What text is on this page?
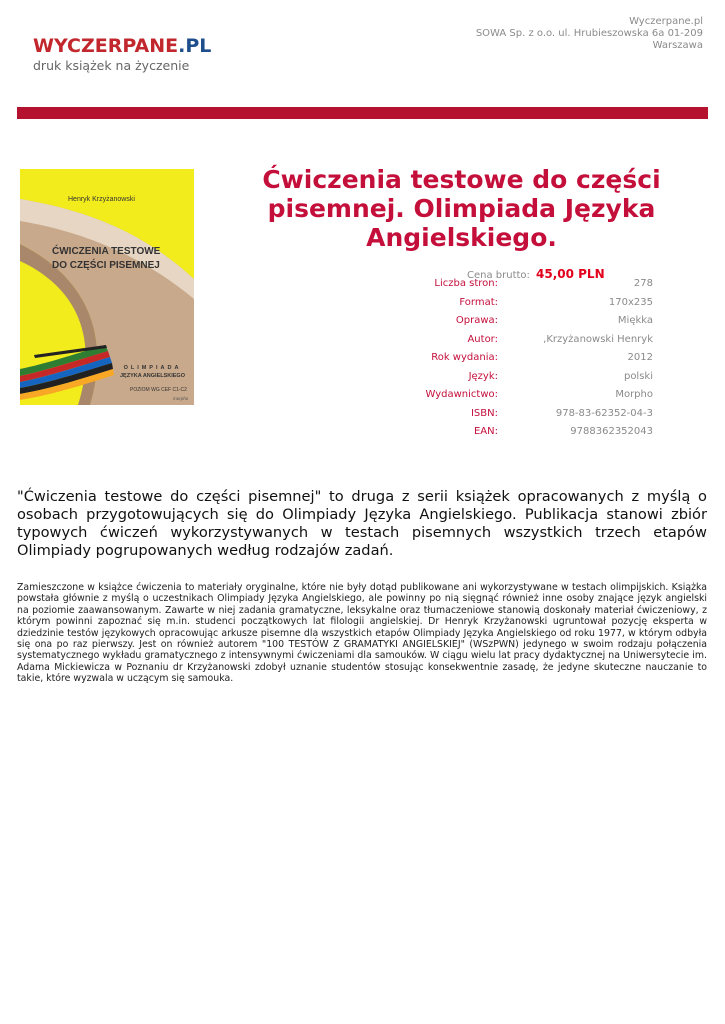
WYCZERPANE.PL
druk książek na życzenie
Wyczerpane.pl
SOWA Sp. z o.o. ul. Hrubieszowska 6a 01-209
Warszawa
Henryk Krzyżanowski
ĆWICZENIA TESTOWE
DO CZĘŚCI PISEMNEJ
OLIMPIADA
JĘZYKA ANGIELSKIEGO
POZIOM WG CEF C1-C2
morpho
Ćwiczenia testowe do części pisemnej. Olimpiada Języka Angielskiego.
Cena brutto: 45,00 PLN
Liczba stron:	278
Format:	170x235
Oprawa:	Miękka
Autor:	,Krzyżanowski Henryk
Rok wydania:	2012
Język:	polski
Wydawnictwo:	Morpho
ISBN:	978-83-62352-04-3
EAN:	9788362352043
"Ćwiczenia testowe do części pisemnej" to druga z serii książek opracowanych z myślą o osobach przygotowujących się do Olimpiady Języka Angielskiego. Publikacja stanowi zbiór typowych ćwiczeń wykorzystywanych w testach pisemnych wszystkich trzech etapów Olimpiady pogrupowanych według rodzajów zadań.
Zamieszczone w książce ćwiczenia to materiały oryginalne, które nie były dotąd publikowane ani wykorzystywane w testach olimpijskich. Książka powstała głównie z myślą o uczestnikach Olimpiady Języka Angielskiego, ale powinny po nią sięgnąć również inne osoby znające język angielski na poziomie zaawansowanym. Zawarte w niej zadania gramatyczne, leksykalne oraz tłumaczeniowe stanowią doskonały materiał ćwiczeniowy, z którym powinni zapoznać się m.in. studenci początkowych lat filologii angielskiej. Dr Henryk Krzyżanowski ugruntował pozycję eksperta w dziedzinie testów językowych opracowując arkusze pisemne dla wszystkich etapów Olimpiady Języka Angielskiego od roku 1977, w którym odbyła się ona po raz pierwszy. Jest on również autorem "100 TESTÓW Z GRAMATYKI ANGIELSKIEJ" (WSzPWN) jedynego w swoim rodzaju połączenia systematycznego wykładu gramatycznego z intensywnymi ćwiczeniami dla samouków. W ciągu wielu lat pracy dydaktycznej na Uniwersytecie im. Adama Mickiewicza w Poznaniu dr Krzyżanowski zdobył uznanie studentów stosując konsekwentnie zasadę, że jedyne skuteczne nauczanie to takie, które wyzwala w uczącym się samouka.
